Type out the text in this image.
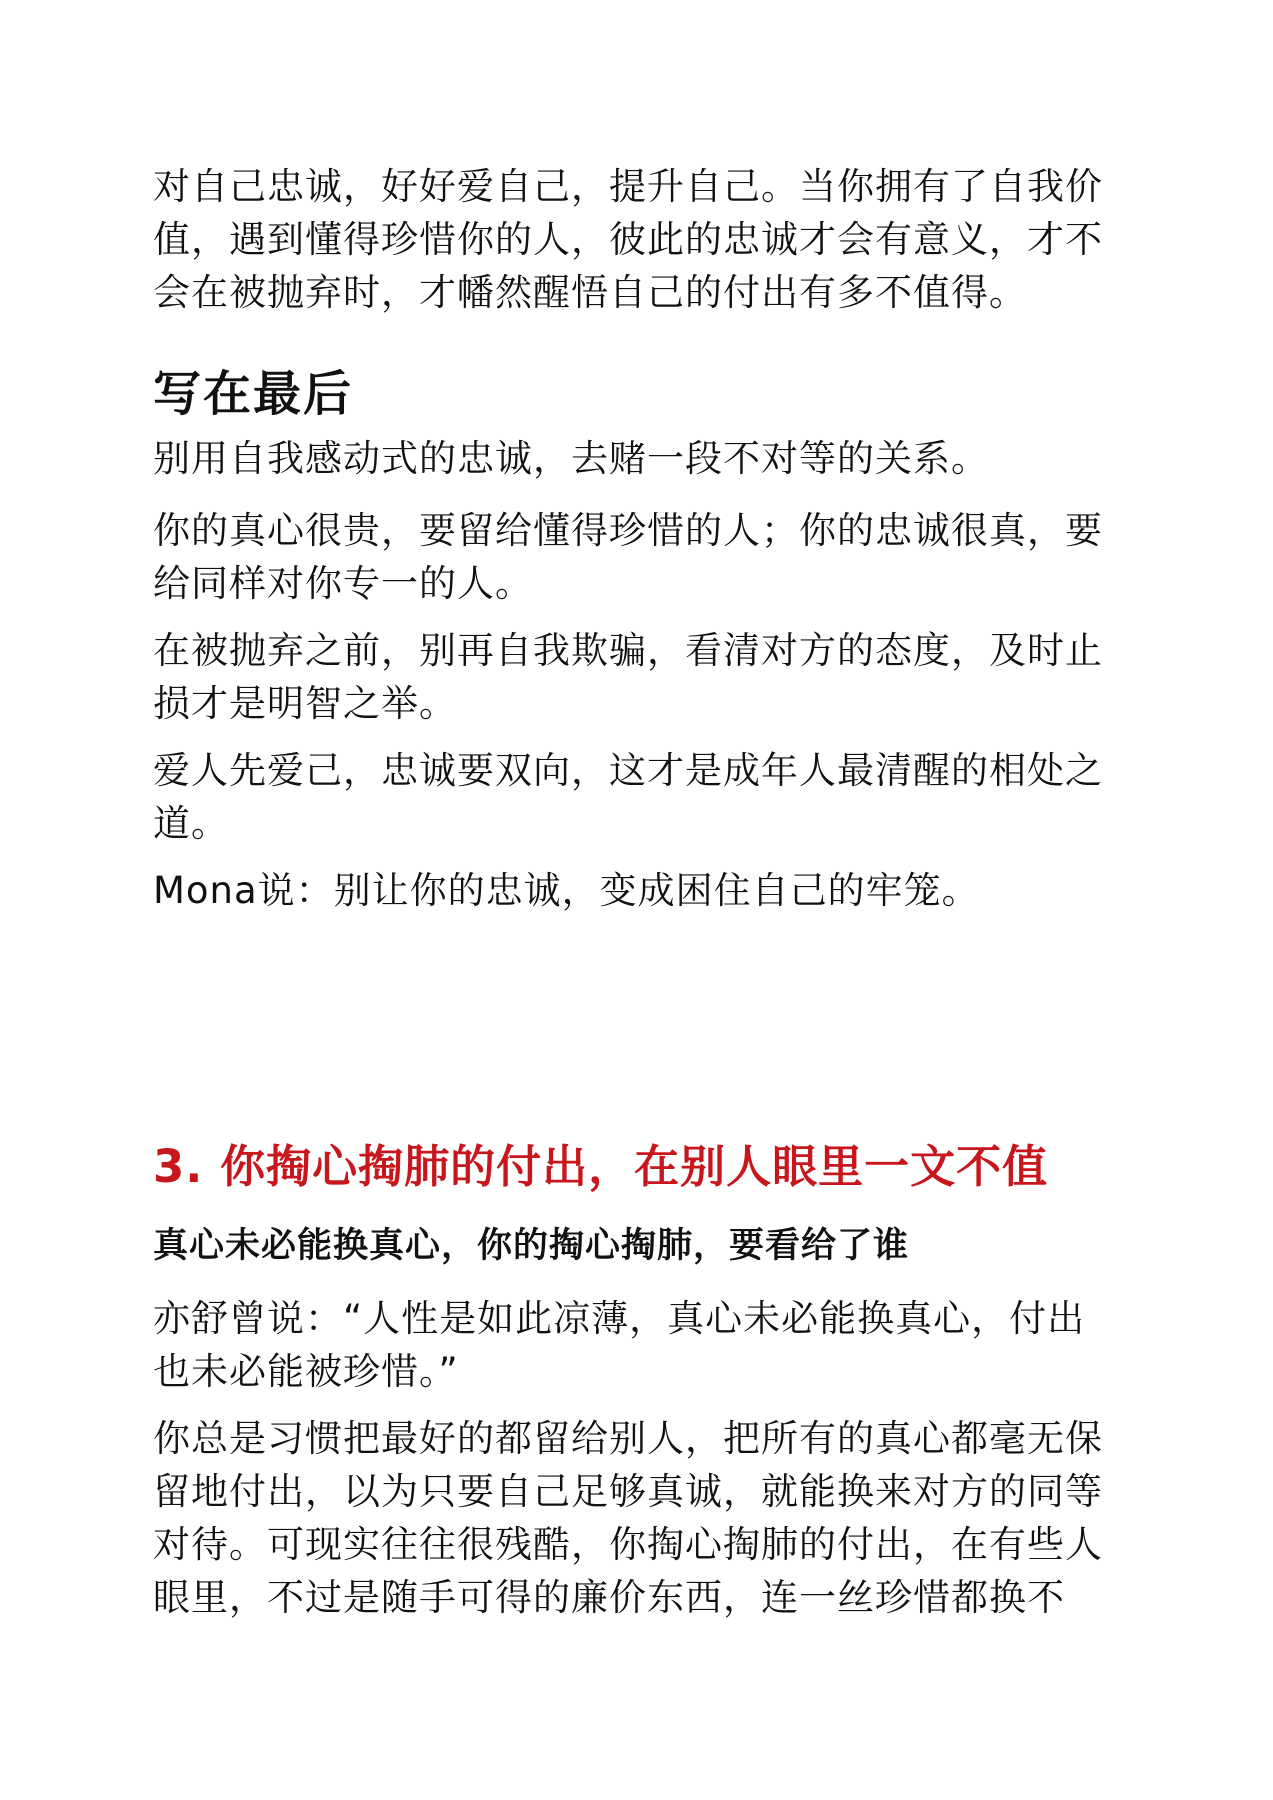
对自己忠诚，好好爱自己，提升自己。当你拥有了自我价
值，遇到懂得珍惜你的人，彼此的忠诚才会有意义，才不
会在被抛弃时，才幡然醒悟自己的付出有多不值得。

写在最后

别用自我感动式的忠诚，去赌一段不对等的关系。

你的真心很贵，要留给懂得珍惜的人；你的忠诚很真，要
给同样对你专一的人。

在被抛弃之前，别再自我欺骗，看清对方的态度，及时止
损才是明智之举。

爱人先爱己，忠诚要双向，这才是成年人最清醒的相处之
道。

Mona说：别让你的忠诚，变成困住自己的牢笼。

3. 你掏心掏肺的付出，在别人眼里一文不值
真心未必能换真心，你的掏心掏肺，要看给了谁

亦舒曾说：“人性是如此凉薄，真心未必能换真心，付出
也未必能被珍惜。”

你总是习惯把最好的都留给别人，把所有的真心都毫无保
留地付出，以为只要自己足够真诚，就能换来对方的同等
对待。可现实往往很残酷，你掏心掏肺的付出，在有些人
眼里，不过是随手可得的廉价东西，连一丝珍惜都换不
